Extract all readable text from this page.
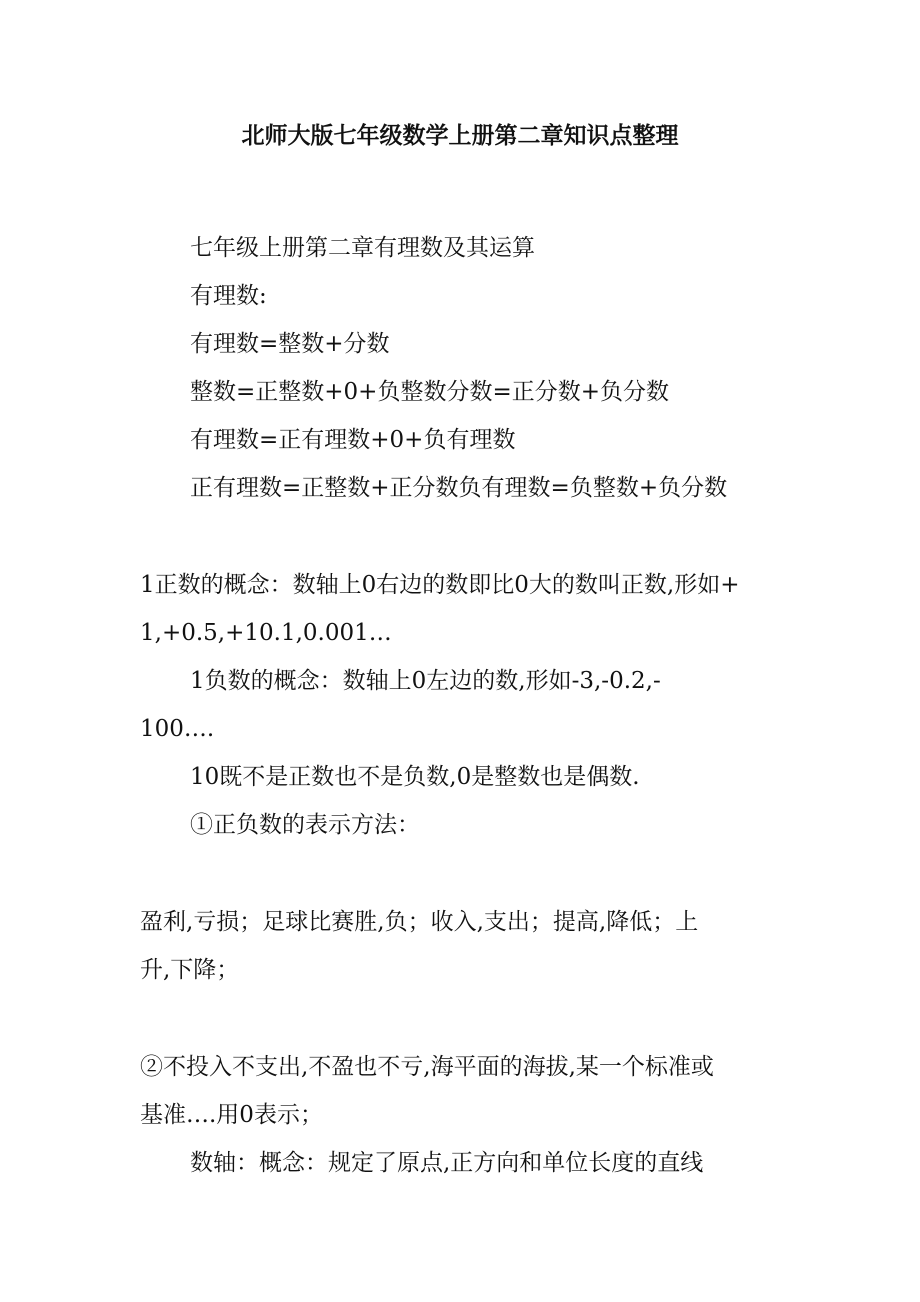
北师大版七年级数学上册第二章知识点整理

七年级上册第二章有理数及其运算

有理数:

有理数=整数+分数

整数=正整数+0+负整数分数=正分数+负分数

有理数=正有理数+0+负有理数

正有理数=正整数+正分数负有理数=负整数+负分数

1正数的概念：数轴上0右边的数即比0大的数叫正数,形如+

1,+0.5,+10.1,0.001…

1负数的概念：数轴上0左边的数,形如-3,-0.2,-

100….

10既不是正数也不是负数,0是整数也是偶数.

①正负数的表示方法：

盈利,亏损；足球比赛胜,负；收入,支出；提高,降低；上

升,下降；

②不投入不支出,不盈也不亏,海平面的海拔,某一个标准或

基准….用0表示；

数轴：概念：规定了原点,正方向和单位长度的直线
